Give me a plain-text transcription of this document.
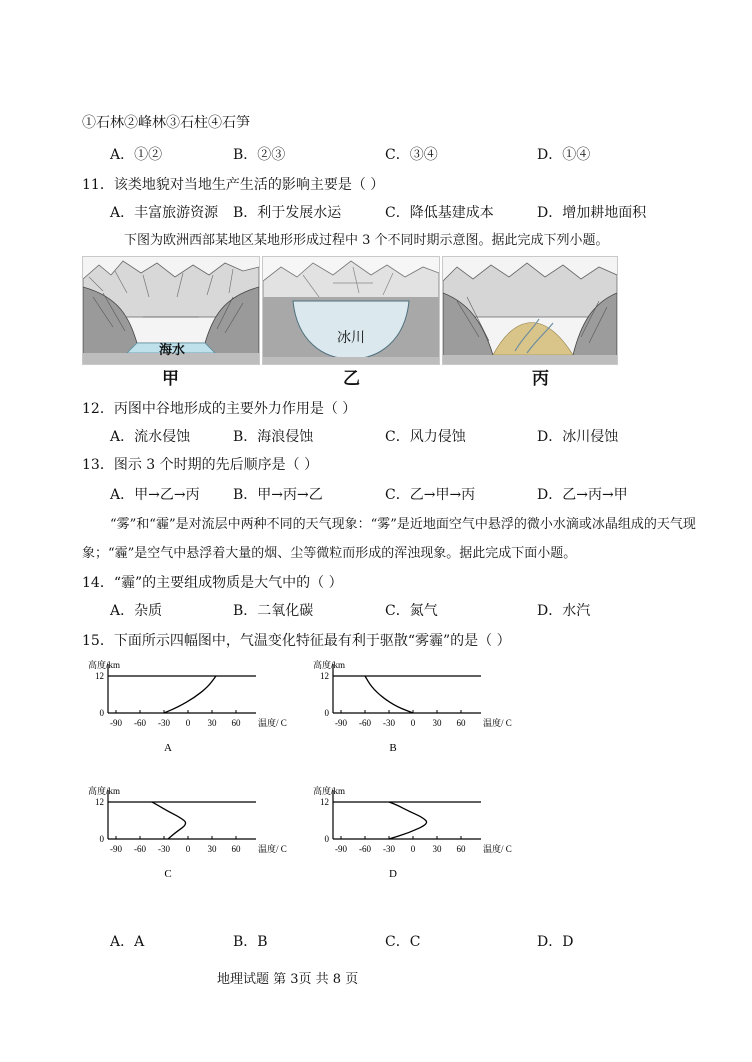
①石林②峰林③石柱④石笋
A．①②	B．②③	C．③④	D．①④
11．该类地貌对当地生产生活的影响主要是（ ）
A．丰富旅游资源 B．利于发展水运	C．降低基建成本	D．增加耕地面积
下图为欧洲西部某地区某地形形成过程中 3 个不同时期示意图。据此完成下列小题。
海水
冰川
甲	乙	丙
12．丙图中谷地形成的主要外力作用是（ ）
A．流水侵蚀	B．海浪侵蚀	C．风力侵蚀	D．冰川侵蚀
13．图示 3 个时期的先后顺序是（ ）
A．甲→乙→丙 B．甲→丙→乙	C．乙→甲→丙	D．乙→丙→甲
“雾”和“霾”是对流层中两种不同的天气现象：“雾”是近地面空气中悬浮的微小水滴或冰晶组成的天气现象；“霾”是空气中悬浮着大量的烟、尘等微粒而形成的浑浊现象。据此完成下面小题。
14．“霾”的主要组成物质是大气中的（ ）
A．杂质	B．二氧化碳	C．氮气	D．水汽
15．下面所示四幅图中，气温变化特征最有利于驱散“雾霾”的是（ ）
高度/km
0
12
-90 -60 -30 0 30 60 温度/ C
A
高度/km
0
12
-90 -60 -30 0 30 60 温度/ C
B
高度/km
0
12
-90 -60 -30 0 30 60 温度/ C
C
高度/km
0
12
-90 -60 -30 0 30 60 温度/ C
D
A．A	B．B	C．C	D．D
地理试题 第 3页 共 8 页
